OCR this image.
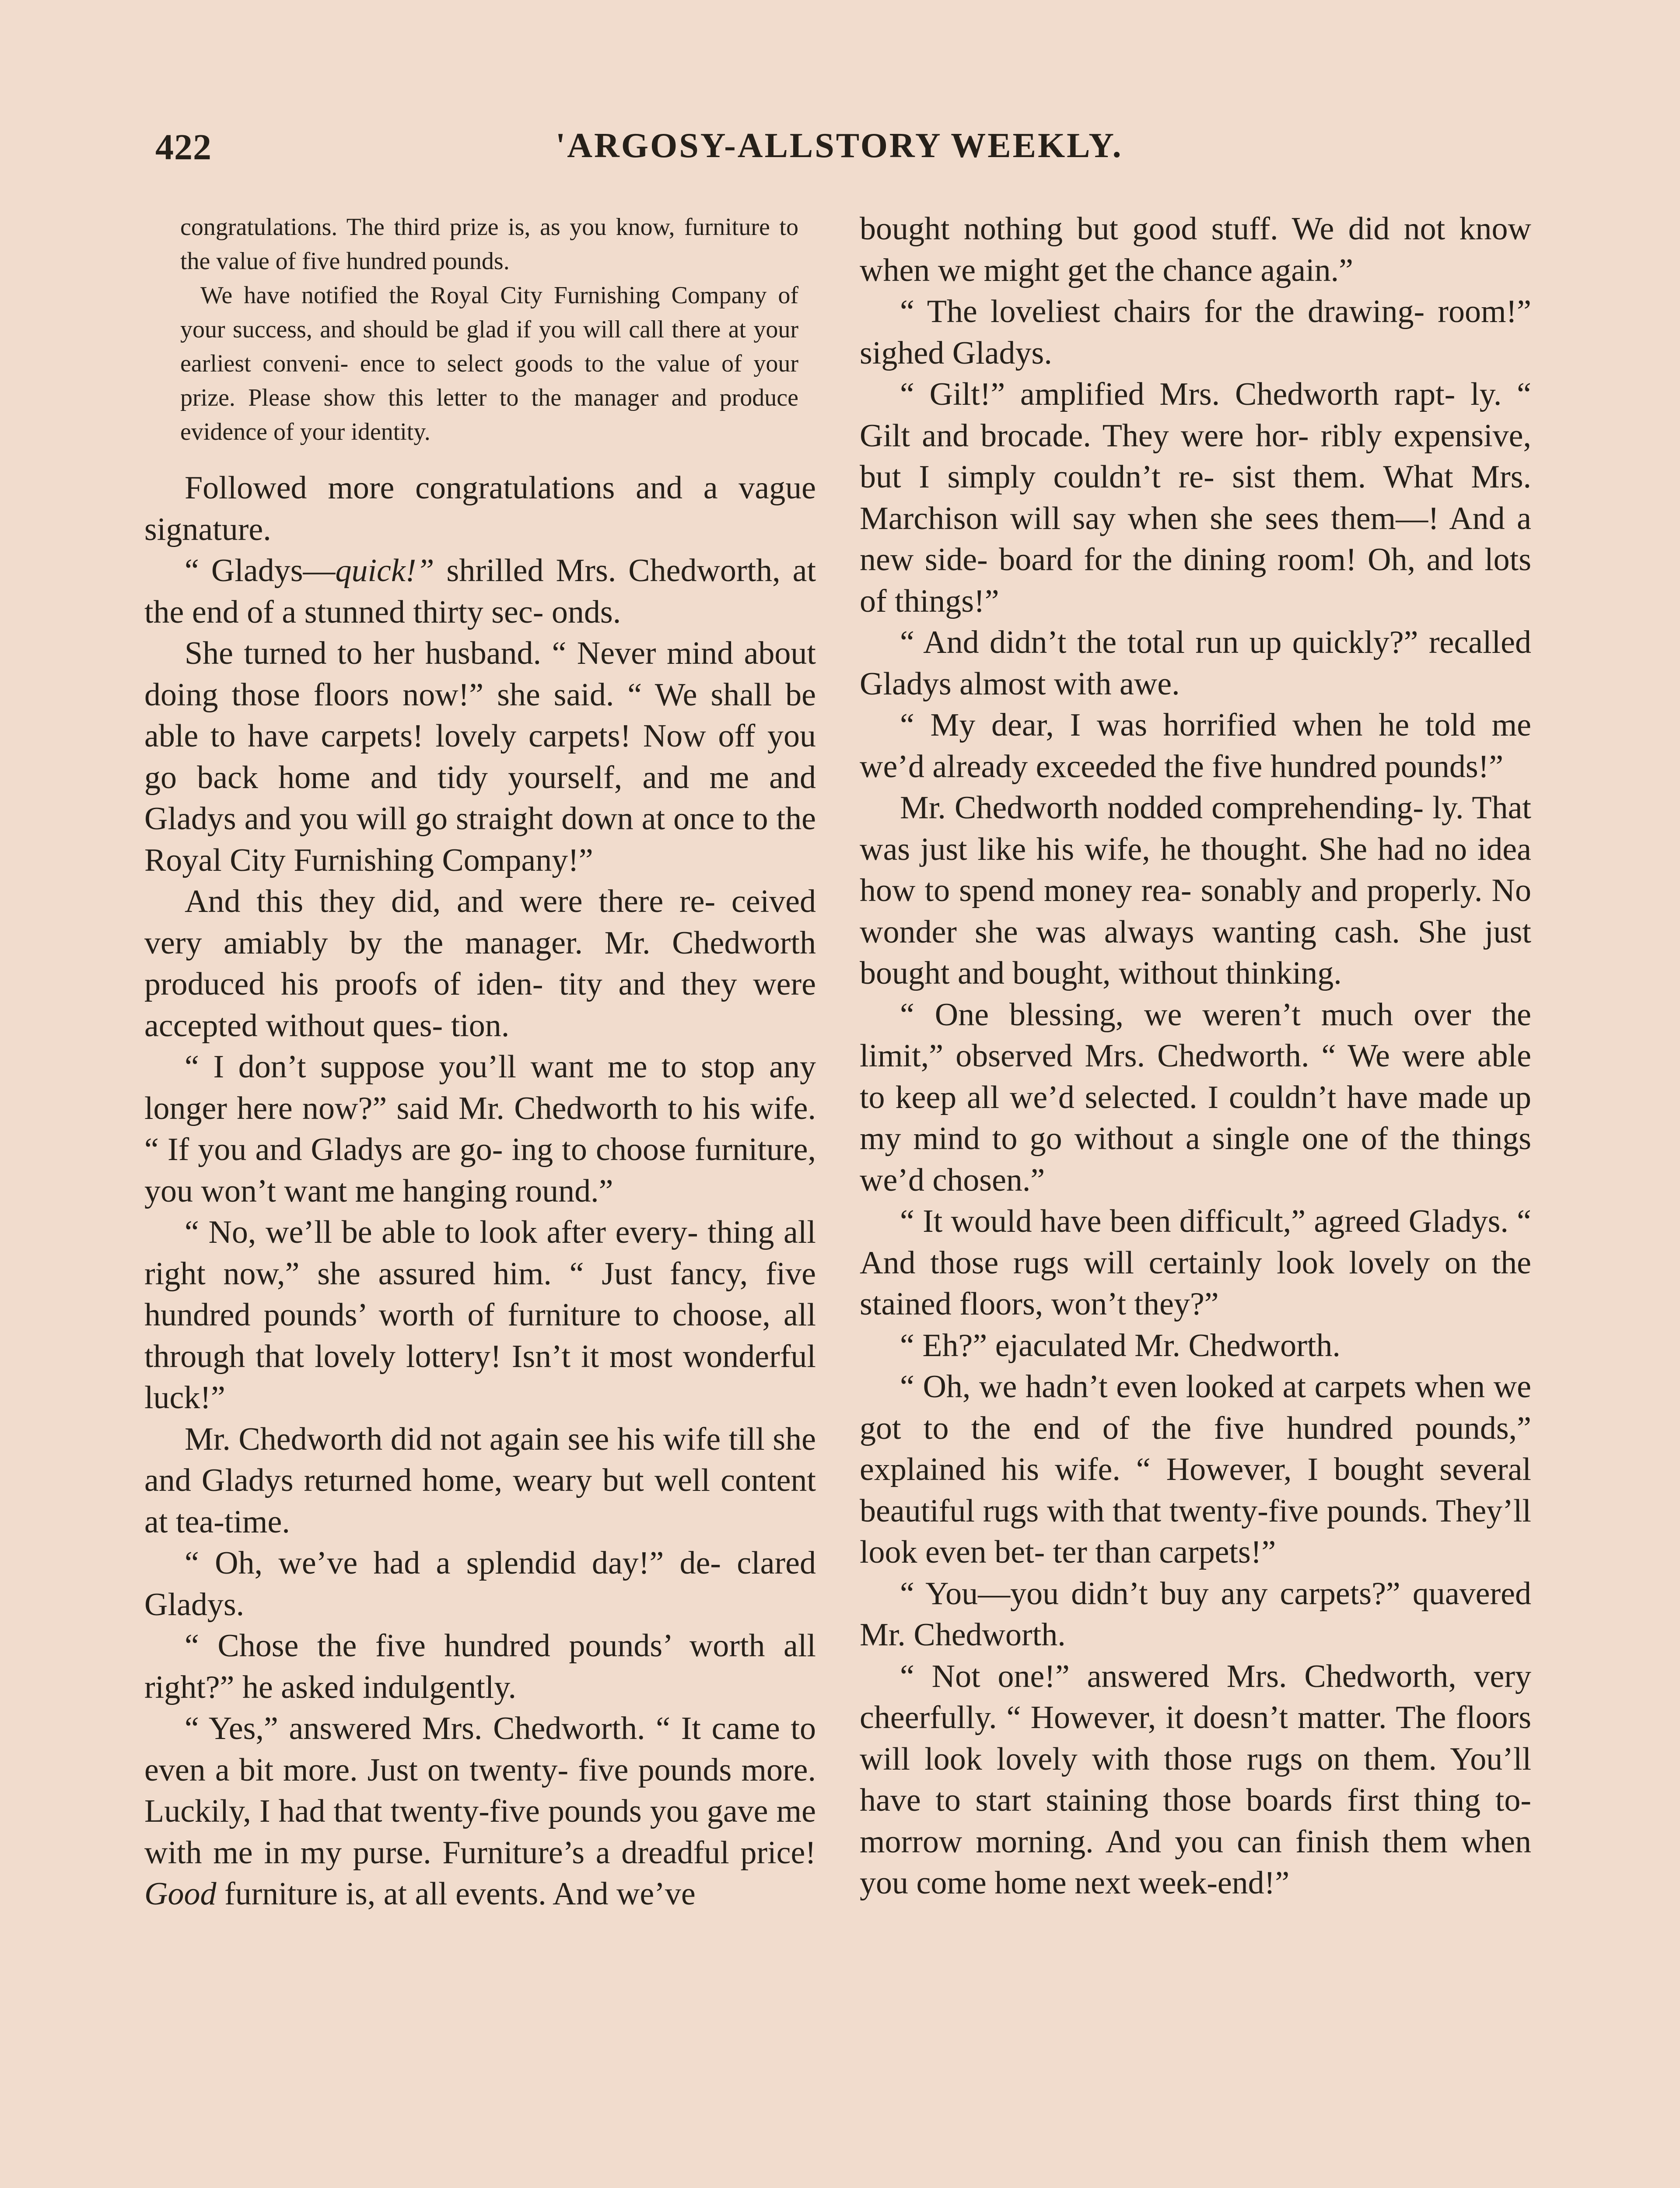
422	'ARGOSY-ALLSTORY WEEKLY.

congratulations. The third prize is, as you know, furniture to the value of five hundred pounds.

We have notified the Royal City Furnishing Company of your success, and should be glad if you will call there at your earliest conveni- ence to select goods to the value of your prize. Please show this letter to the manager and produce evidence of your identity.

Followed more congratulations and a vague signature.

“ Gladys—quick!” shrilled Mrs. Chedworth, at the end of a stunned thirty sec- onds.

She turned to her husband. “ Never mind about doing those floors now!” she said. “ We shall be able to have carpets! lovely carpets! Now off you go back home and tidy yourself, and me and Gladys and you will go straight down at once to the Royal City Furnishing Company!”

And this they did, and were there re- ceived very amiably by the manager. Mr. Chedworth produced his proofs of iden- tity and they were accepted without ques- tion.

“ I don’t suppose you’ll want me to stop any longer here now?” said Mr. Chedworth to his wife. “ If you and Gladys are go- ing to choose furniture, you won’t want me hanging round.”

“ No, we’ll be able to look after every- thing all right now,” she assured him. “ Just fancy, five hundred pounds’ worth of furniture to choose, all through that lovely lottery! Isn’t it most wonderful luck!”

Mr. Chedworth did not again see his wife till she and Gladys returned home, weary but well content at tea-time.

“ Oh, we’ve had a splendid day!” de- clared Gladys.

“ Chose the five hundred pounds’ worth all right?” he asked indulgently.

“ Yes,” answered Mrs. Chedworth. “ It came to even a bit more. Just on twenty- five pounds more. Luckily, I had that twenty-five pounds you gave me with me in my purse. Furniture’s a dreadful price! Good furniture is, at all events. And we’ve

bought nothing but good stuff. We did not know when we might get the chance again.”

“ The loveliest chairs for the drawing- room!” sighed Gladys.

“ Gilt!” amplified Mrs. Chedworth rapt- ly. “ Gilt and brocade. They were hor- ribly expensive, but I simply couldn’t re- sist them. What Mrs. Marchison will say when she sees them—! And a new side- board for the dining room! Oh, and lots of things!”

“ And didn’t the total run up quickly?” recalled Gladys almost with awe.

“ My dear, I was horrified when he told me we’d already exceeded the five hundred pounds!”

Mr. Chedworth nodded comprehending- ly. That was just like his wife, he thought. She had no idea how to spend money rea- sonably and properly. No wonder she was always wanting cash. She just bought and bought, without thinking.

“ One blessing, we weren’t much over the limit,” observed Mrs. Chedworth. “ We were able to keep all we’d selected. I couldn’t have made up my mind to go without a single one of the things we’d chosen.”

“ It would have been difficult,” agreed Gladys. “ And those rugs will certainly look lovely on the stained floors, won’t they?”

“ Eh?” ejaculated Mr. Chedworth.

“ Oh, we hadn’t even looked at carpets when we got to the end of the five hundred pounds,” explained his wife. “ However, I bought several beautiful rugs with that twenty-five pounds. They’ll look even bet- ter than carpets!”

“ You—you didn’t buy any carpets?” quavered Mr. Chedworth.

“ Not one!” answered Mrs. Chedworth, very cheerfully. “ However, it doesn’t matter. The floors will look lovely with those rugs on them. You’ll have to start staining those boards first thing to-morrow morning. And you can finish them when you come home next week-end!”
